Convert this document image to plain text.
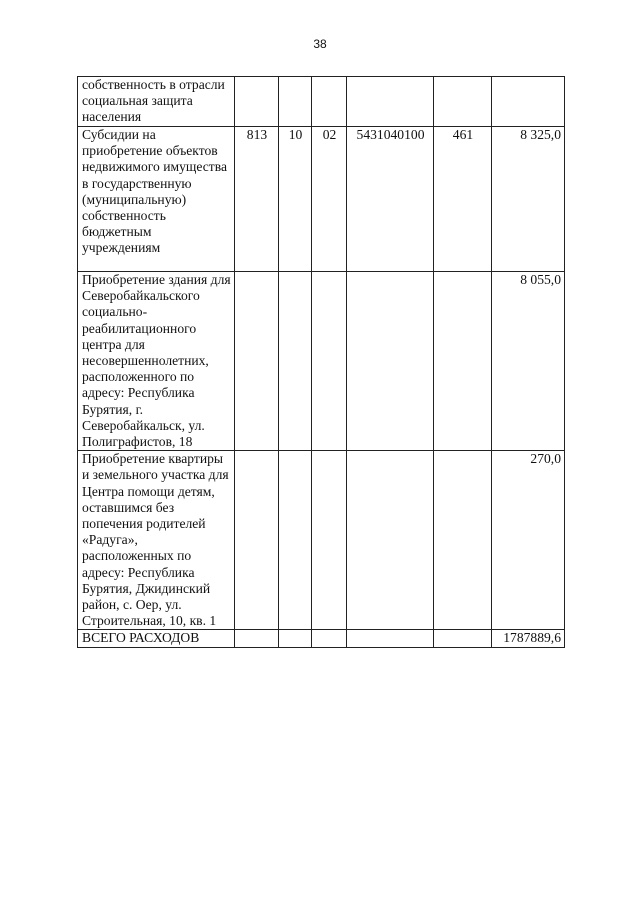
38
собственность в отрасли социальная защита населения						
Субсидии на приобретение объектов недвижимого имущества в государственную (муниципальную) собственность бюджетным учреждениям	813	10	02	5431040100	461	8 325,0
Приобретение здания для Северобайкальского социально-реабилитационного центра для несовершеннолетних, расположенного по адресу: Республика Бурятия, г. Северобайкальск, ул. Полиграфистов, 18						8 055,0
Приобретение квартиры и земельного участка для Центра помощи детям, оставшимся без попечения родителей «Радуга», расположенных по адресу: Республика Бурятия, Джидинский район, с. Оер, ул. Строительная, 10, кв. 1						270,0
ВСЕГО РАСХОДОВ						1787889,6
